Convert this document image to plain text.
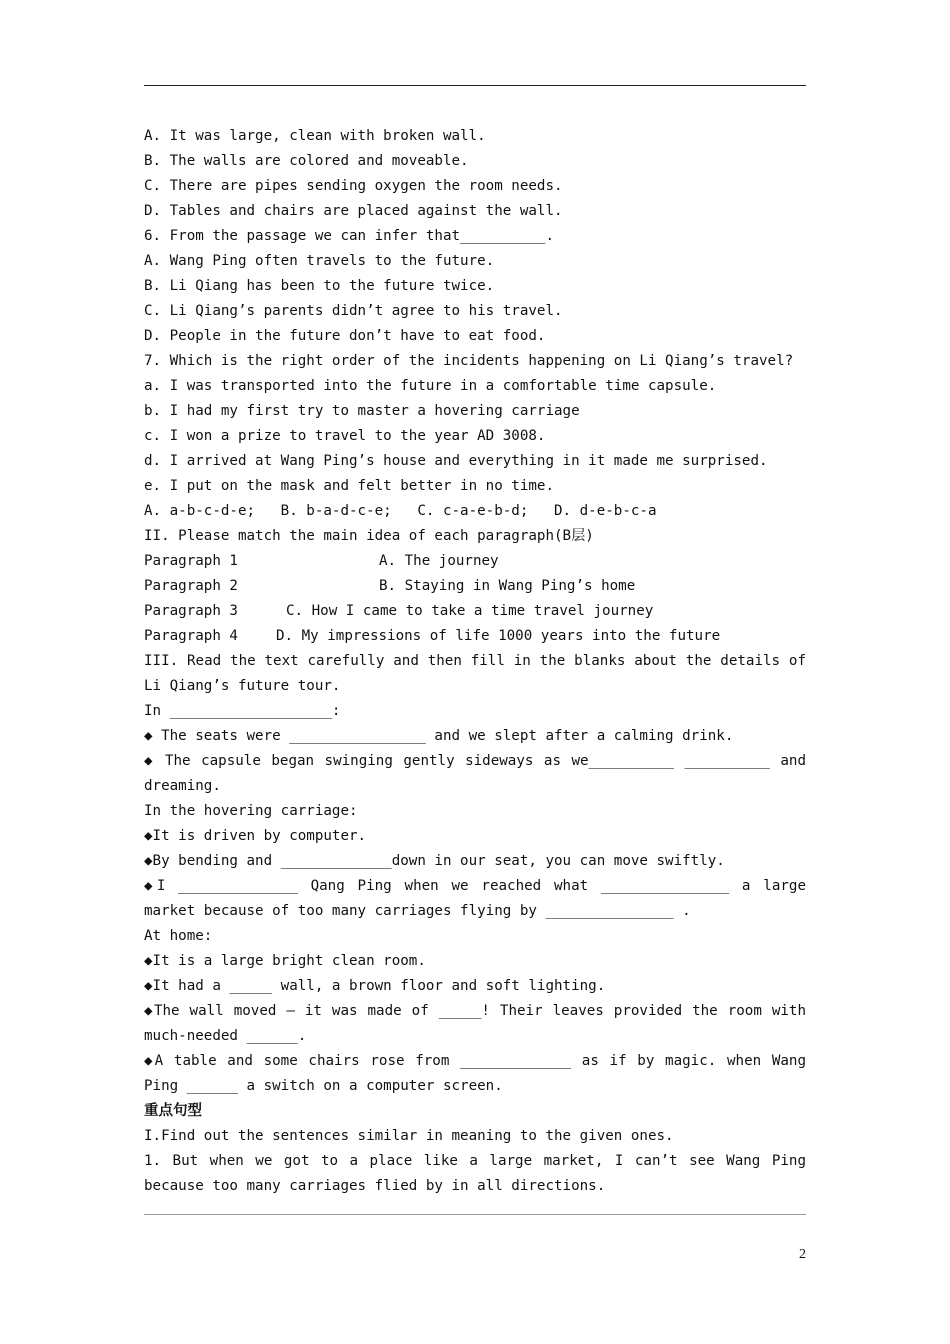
A. It was large, clean with broken wall.
B. The walls are colored and moveable.
C. There are pipes sending oxygen the room needs.
D. Tables and chairs are placed against the wall.
6. From the passage we can infer that__________.
A. Wang Ping often travels to the future.
B. Li Qiang has been to the future twice.
C. Li Qiang’s parents didn’t agree to his travel.
D. People in the future don’t have to eat food.
7. Which is the right order of the incidents happening on Li Qiang’s travel?
a. I was transported into the future in a comfortable time capsule.
b. I had my first try to master a hovering carriage
c. I won a prize to travel to the year AD 3008.
d. I arrived at Wang Ping’s house and everything in it made me surprised.
e. I put on the mask and felt better in no time.
A. a-b-c-d-e;   B. b-a-d-c-e;   C. c-a-e-b-d;   D. d-e-b-c-a
II. Please match the main idea of each paragraph(B层)
Paragraph 1	A. The journey
Paragraph 2	B. Staying in Wang Ping’s home
Paragraph 3	C. How I came to take a time travel journey
Paragraph 4	D. My impressions of life 1000 years into the future
III. Read the text carefully and then fill in the blanks about the details of
Li Qiang’s future tour.
In ___________________:
◆ The seats were ________________ and we slept after a calming drink.
◆ The capsule began swinging gently sideways as we__________ __________ and
dreaming.
In the hovering carriage:
◆It is driven by computer.
◆By bending and _____________down in our seat, you can move swiftly.
◆I ______________ Qang Ping when we reached what _______________ a large
market because of too many carriages flying by _______________ .
At home:
◆It is a large bright clean room.
◆It had a _____ wall, a brown floor and soft lighting.
◆The wall moved — it was made of _____! Their leaves provided the room with
much-needed ______.
◆A table and some chairs rose from _____________ as if by magic. when Wang
Ping ______ a switch on a computer screen.
重点句型
I.Find out the sentences similar in meaning to the given ones.
1. But when we got to a place like a large market, I can’t see Wang Ping
because too many carriages flied by in all directions.
2
